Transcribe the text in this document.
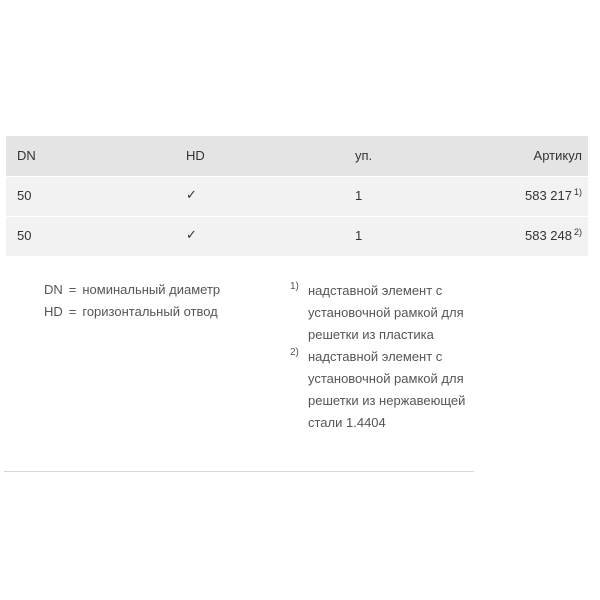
DN	HD	уп.	Артикул
50	✓	1	583 217 $^{1)}$
50	✓	1	583 248 $^{2)}$
DN = номинальный диаметр
HD = горизонтальный отвод
1) надставной элемент с
установочной рамкой для
решетки из пластика
2) надставной элемент с
установочной рамкой для
решетки из нержавеющей
стали 1.4404
